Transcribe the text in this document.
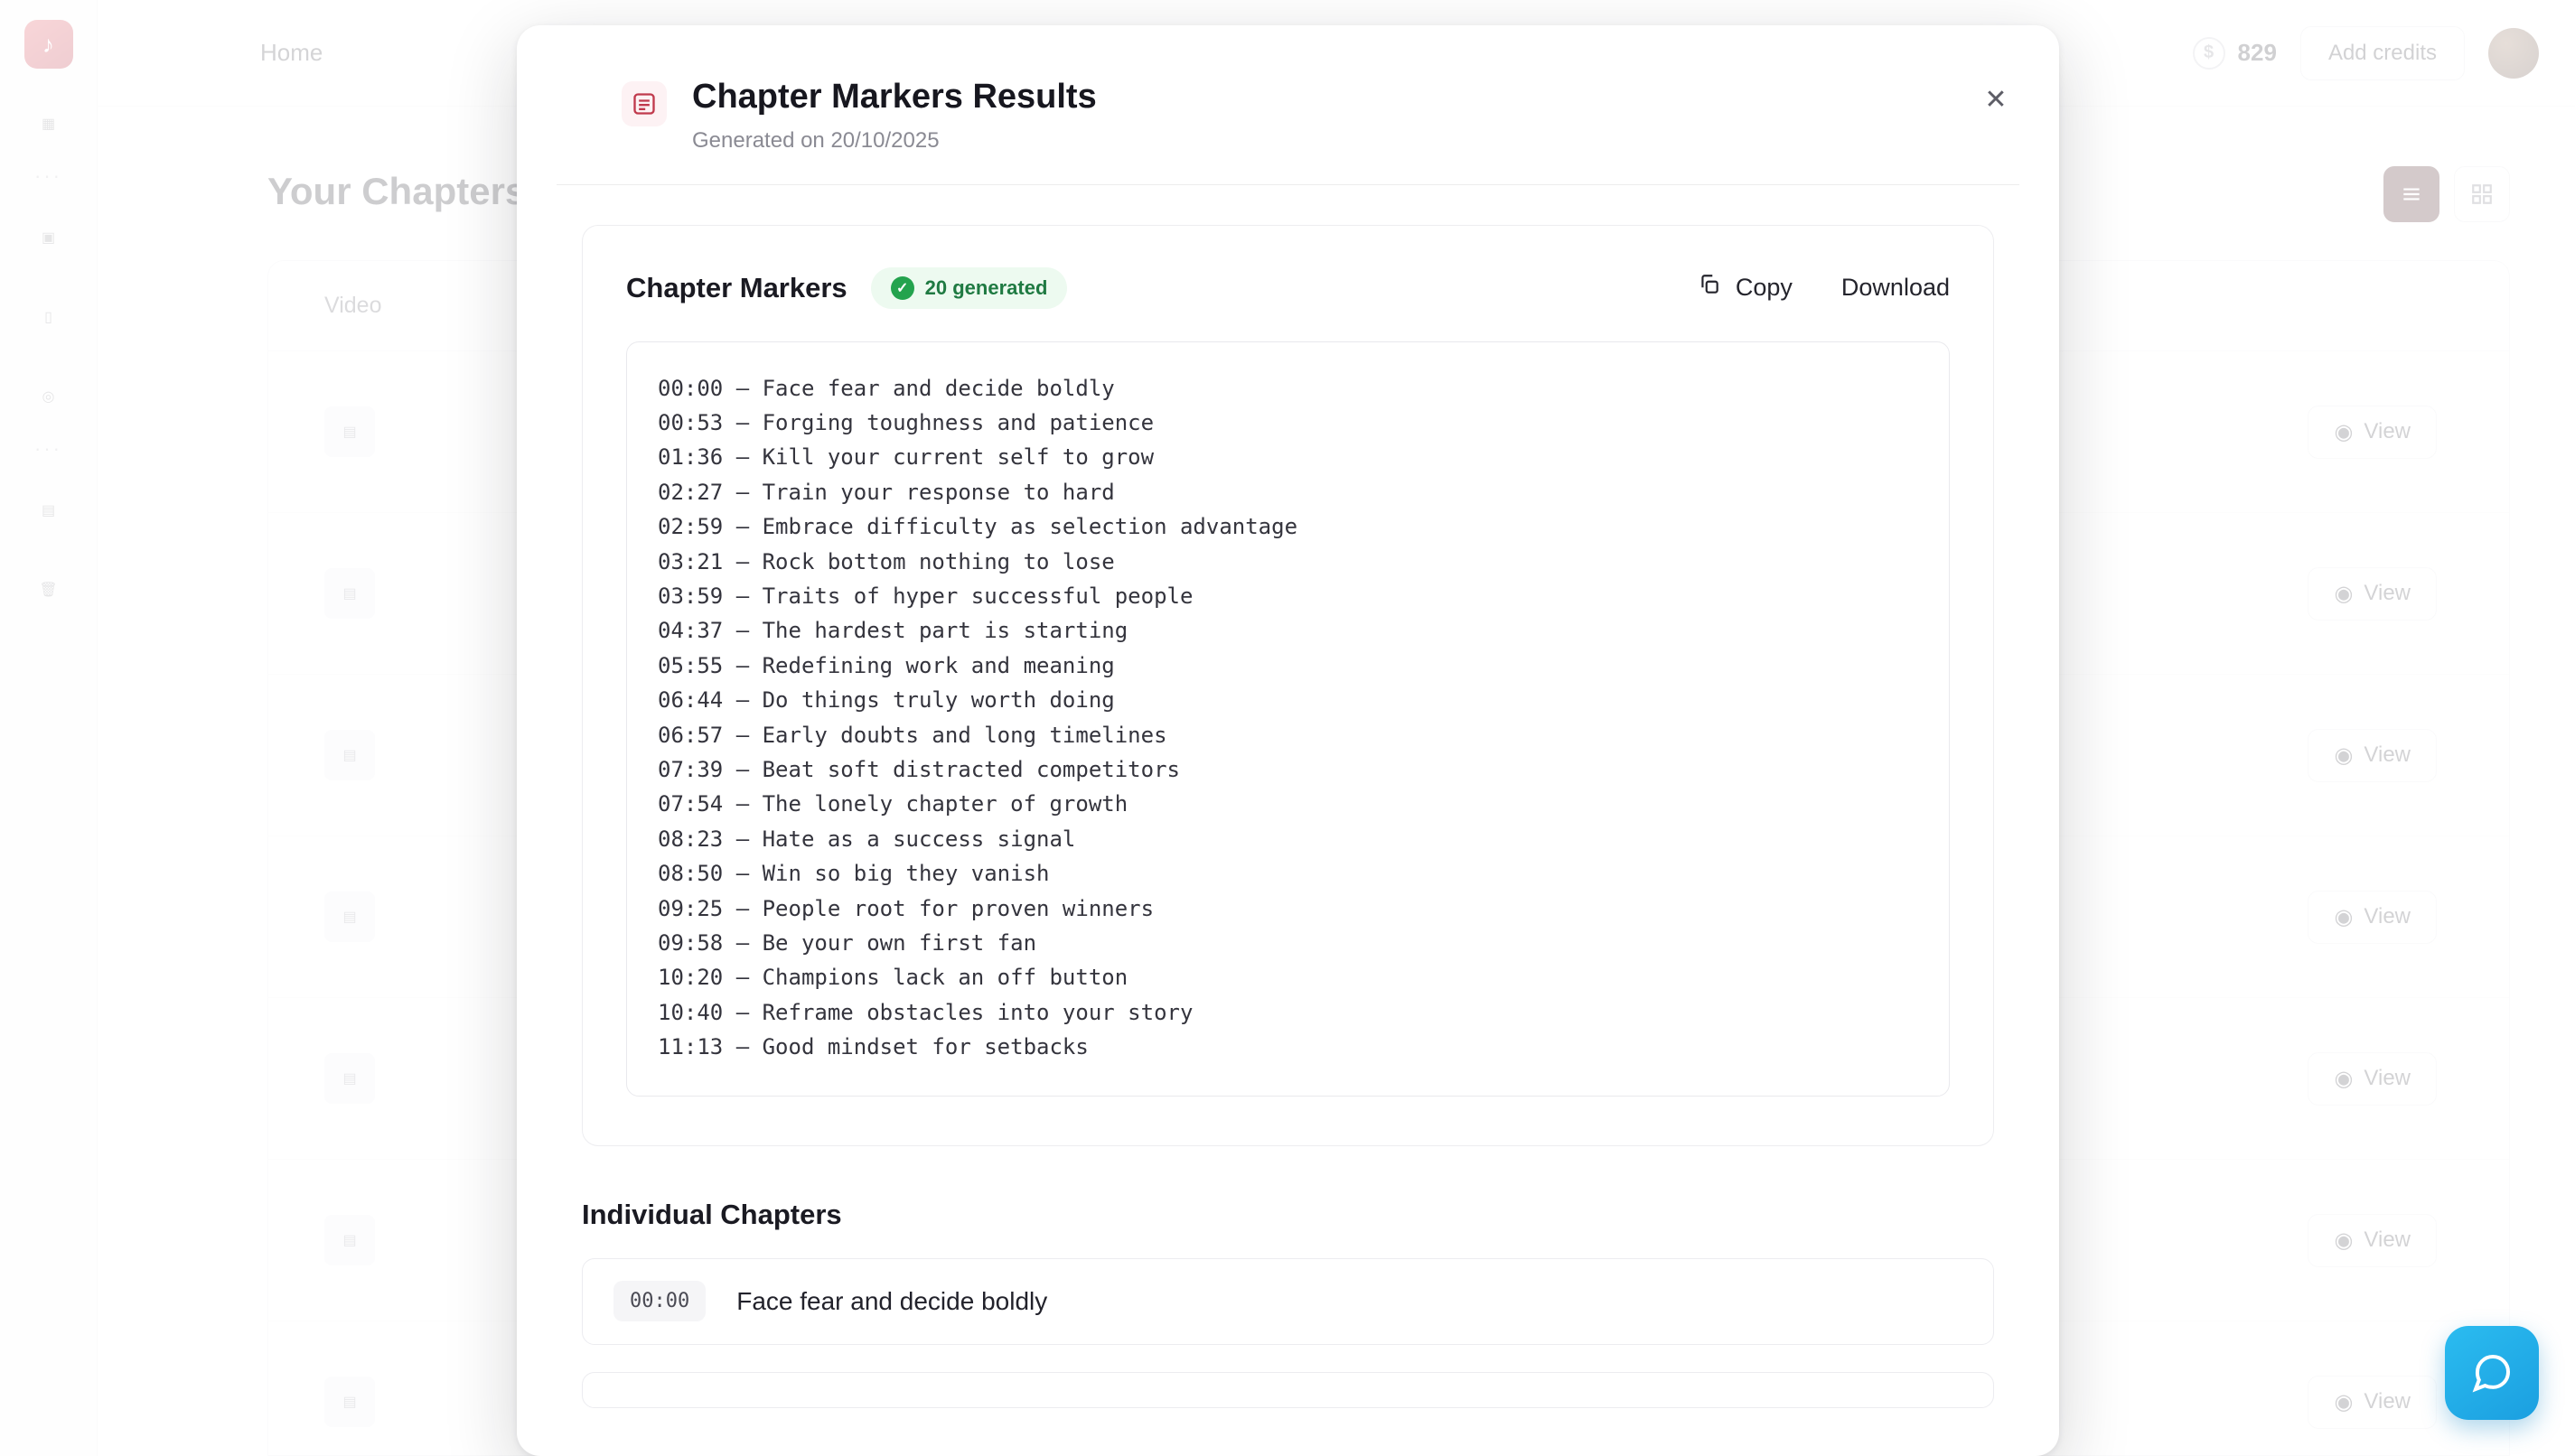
Chapter Markers Results
Generated on 20/10/2025
✕
Chapter Markers	✓ 20 generated	Copy Download
00:00 — Face fear and decide boldly
00:53 — Forging toughness and patience
01:36 — Kill your current self to grow
02:27 — Train your response to hard
02:59 — Embrace difficulty as selection advantage
03:21 — Rock bottom nothing to lose
03:59 — Traits of hyper successful people
04:37 — The hardest part is starting
05:55 — Redefining work and meaning
06:44 — Do things truly worth doing
06:57 — Early doubts and long timelines
07:39 — Beat soft distracted competitors
07:54 — The lonely chapter of growth
08:23 — Hate as a success signal
08:50 — Win so big they vanish
09:25 — People root for proven winners
09:58 — Be your own first fan
10:20 — Champions lack an off button
10:40 — Reframe obstacles into your story
11:13 — Good mindset for setbacks
Individual Chapters
00:00	Face fear and decide boldly
